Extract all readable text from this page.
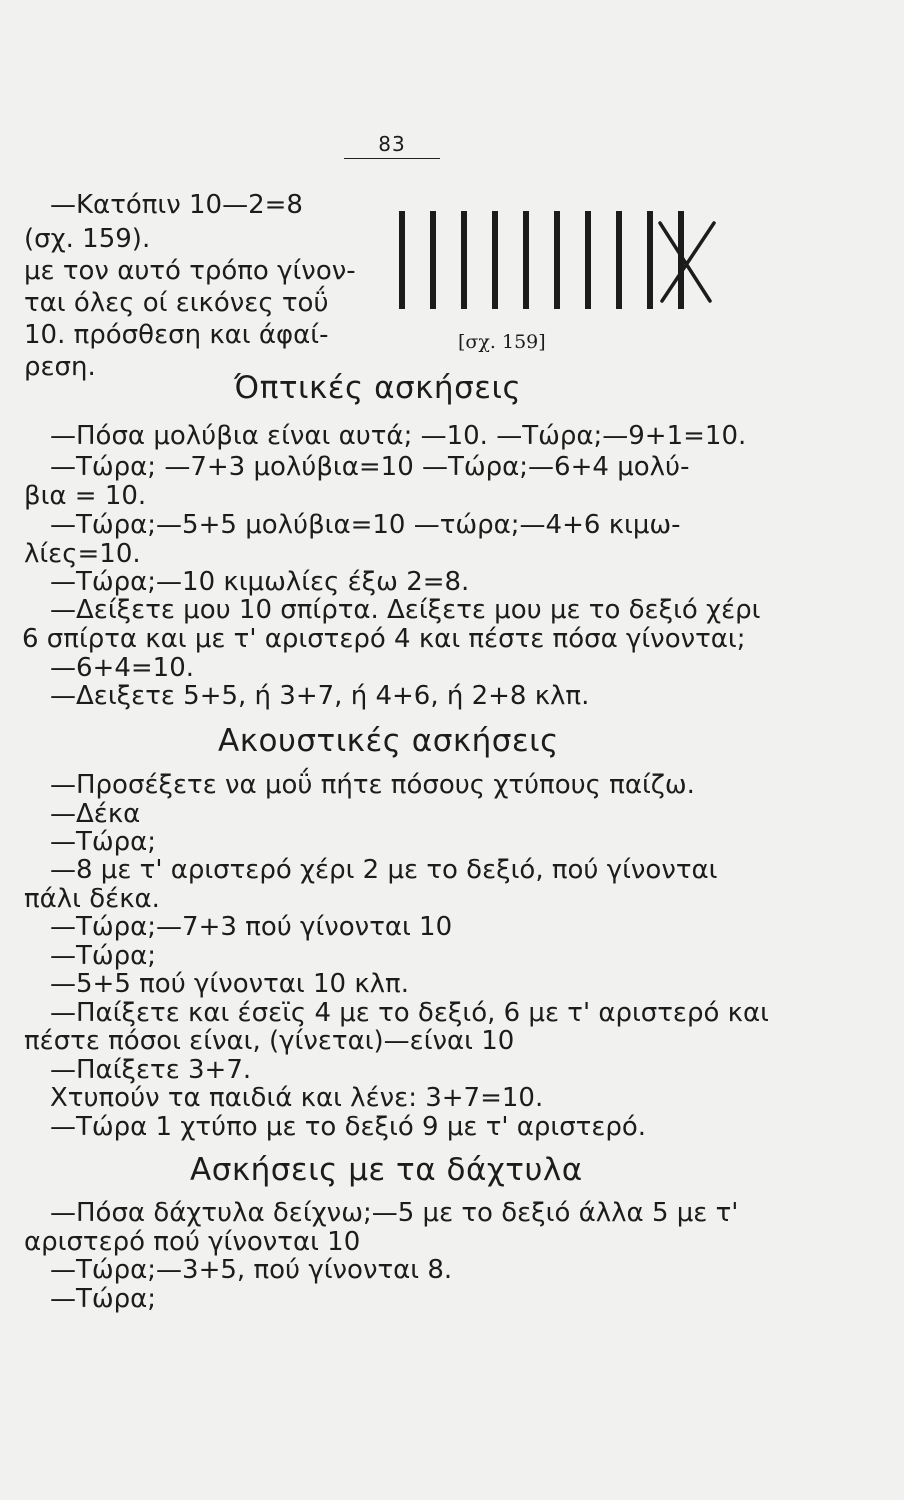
83
—Κατόπιν 10—2=8
(σχ. 159).
με τον αυτό τρόπο γίνον-
ται όλες οί εικόνες τοΰ
10. πρόσθεση και άφαί-
ρεση.
[σχ. 159]
Όπτικές ασκήσεις
—Πόσα μολύβια είναι αυτά; —10. —Τώρα;—9+1=10.
—Τώρα; —7+3 μολύβια=10 —Τώρα;—6+4 μολύ-
βια = 10.
—Τώρα;—5+5 μολύβια=10 —τώρα;—4+6 κιμω-
λίες=10.
—Τώρα;—10 κιμωλίες έξω 2=8.
—Δείξετε μου 10 σπίρτα. Δείξετε μου με το δεξιό χέρι
6 σπίρτα και με τ' αριστερό 4 και πέστε πόσα γίνονται;
—6+4=10.
—Δειξετε 5+5, ή 3+7, ή 4+6, ή 2+8 κλπ.
Ακουστικές ασκήσεις
—Προσέξετε να μοΰ πήτε πόσους χτύπους παίζω.
—Δέκα
—Τώρα;
—8 με τ' αριστερό χέρι 2 με το δεξιό, πού γίνονται
πάλι δέκα.
—Τώρα;—7+3 πού γίνονται 10
—Τώρα;
—5+5 πού γίνονται 10 κλπ.
—Παίξετε και έσεϊς 4 με το δεξιό, 6 με τ' αριστερό και
πέστε πόσοι είναι, (γίνεται)—είναι 10
—Παίξετε 3+7.
Χτυπούν τα παιδιά και λένε: 3+7=10.
—Τώρα 1 χτύπο με το δεξιό 9 με τ' αριστερό.
Ασκήσεις με τα δάχτυλα
—Πόσα δάχτυλα δείχνω;—5 με το δεξιό άλλα 5 με τ'
αριστερό πού γίνονται 10
—Τώρα;—3+5, πού γίνονται 8.
—Τώρα;
